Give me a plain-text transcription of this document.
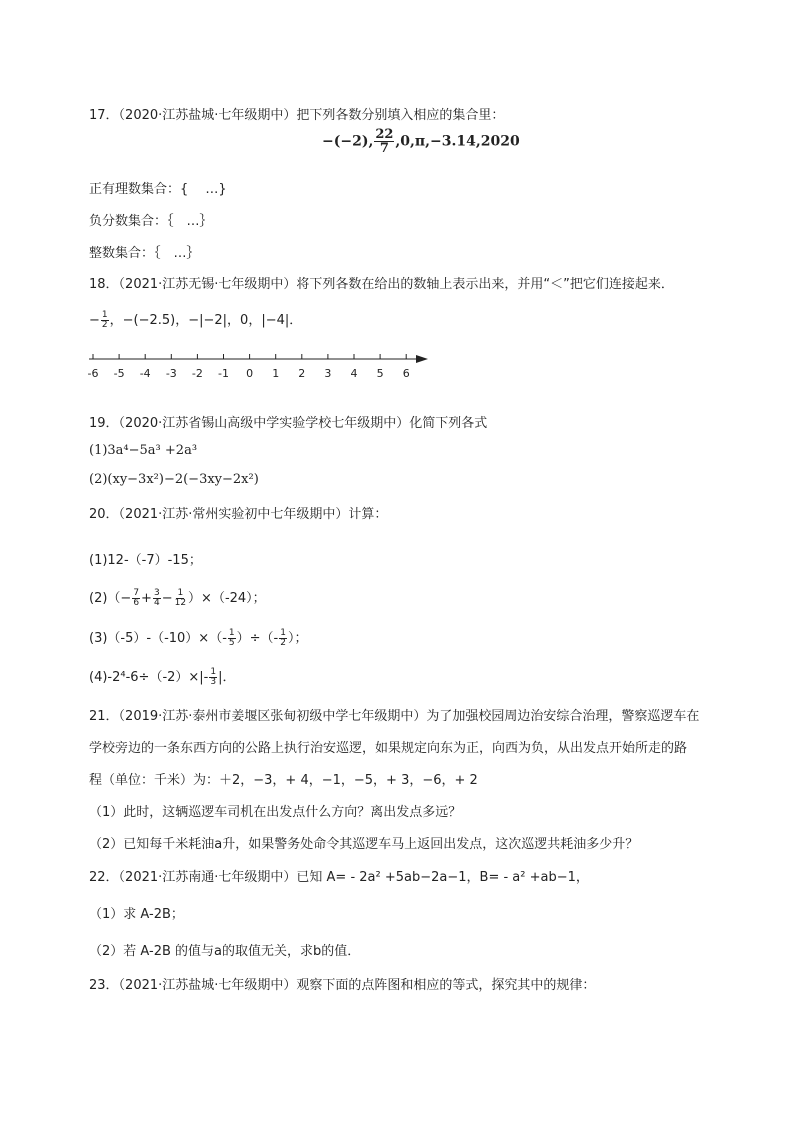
17．（2020·江苏盐城·七年级期中）把下列各数分别填入相应的集合里：
−(−2), $\frac{22}{7} ,0,\pi,-3.14,2020$
正有理数集合：{　 …}
负分数集合：｛　…｝
整数集合：｛　…｝
18．（2021·江苏无锡·七年级期中）将下列各数在给出的数轴上表示出来，并用“＜”把它们连接起来．
− $\frac{1}{2}$ ，−(−2.5)，−|−2|，0，|−4|．
-6 -5 -4 -3 -2 -1 0 1 2 3 4 5 6
19．（2020·江苏省锡山高级中学实验学校七年级期中）化简下列各式
(1)3a⁴−5a³ +2a³
(2)(xy−3x²)−2(−3xy−2x²)
20．（2021·江苏·常州实验初中七年级期中）计算：
(1)12-（-7）-15；
$(2)(- \frac{7}{6} + \frac{3}{4} - \frac{1}{12} )\times(-24)$；
$(3)(-5)-(-10)\times(- \frac{1}{5}$ ）÷（- $\frac{1}{2}$ ）；
$(4)-2^4-6\div(-2)\times|- \frac{1}{3}$ |．
21．（2019·江苏·泰州市姜堰区张甸初级中学七年级期中）为了加强校园周边治安综合治理，警察巡逻车在
学校旁边的一条东西方向的公路上执行治安巡逻，如果规定向东为正，向西为负，从出发点开始所走的路
程（单位：千米）为：＋2，−3，+ 4，−1，−5，+ 3，−6，+ 2
（1）此时，这辆巡逻车司机在出发点什么方向？离出发点多远？
（2）已知每千米耗油a升，如果警务处命令其巡逻车马上返回出发点，这次巡逻共耗油多少升？
22．（2021·江苏南通·七年级期中）已知 A= - 2a² +5ab−2a−1，B= - a² +ab−1，
（1）求 A-2B；
（2）若 A-2B 的值与a的取值无关，求b的值．
23．（2021·江苏盐城·七年级期中）观察下面的点阵图和相应的等式，探究其中的规律：
